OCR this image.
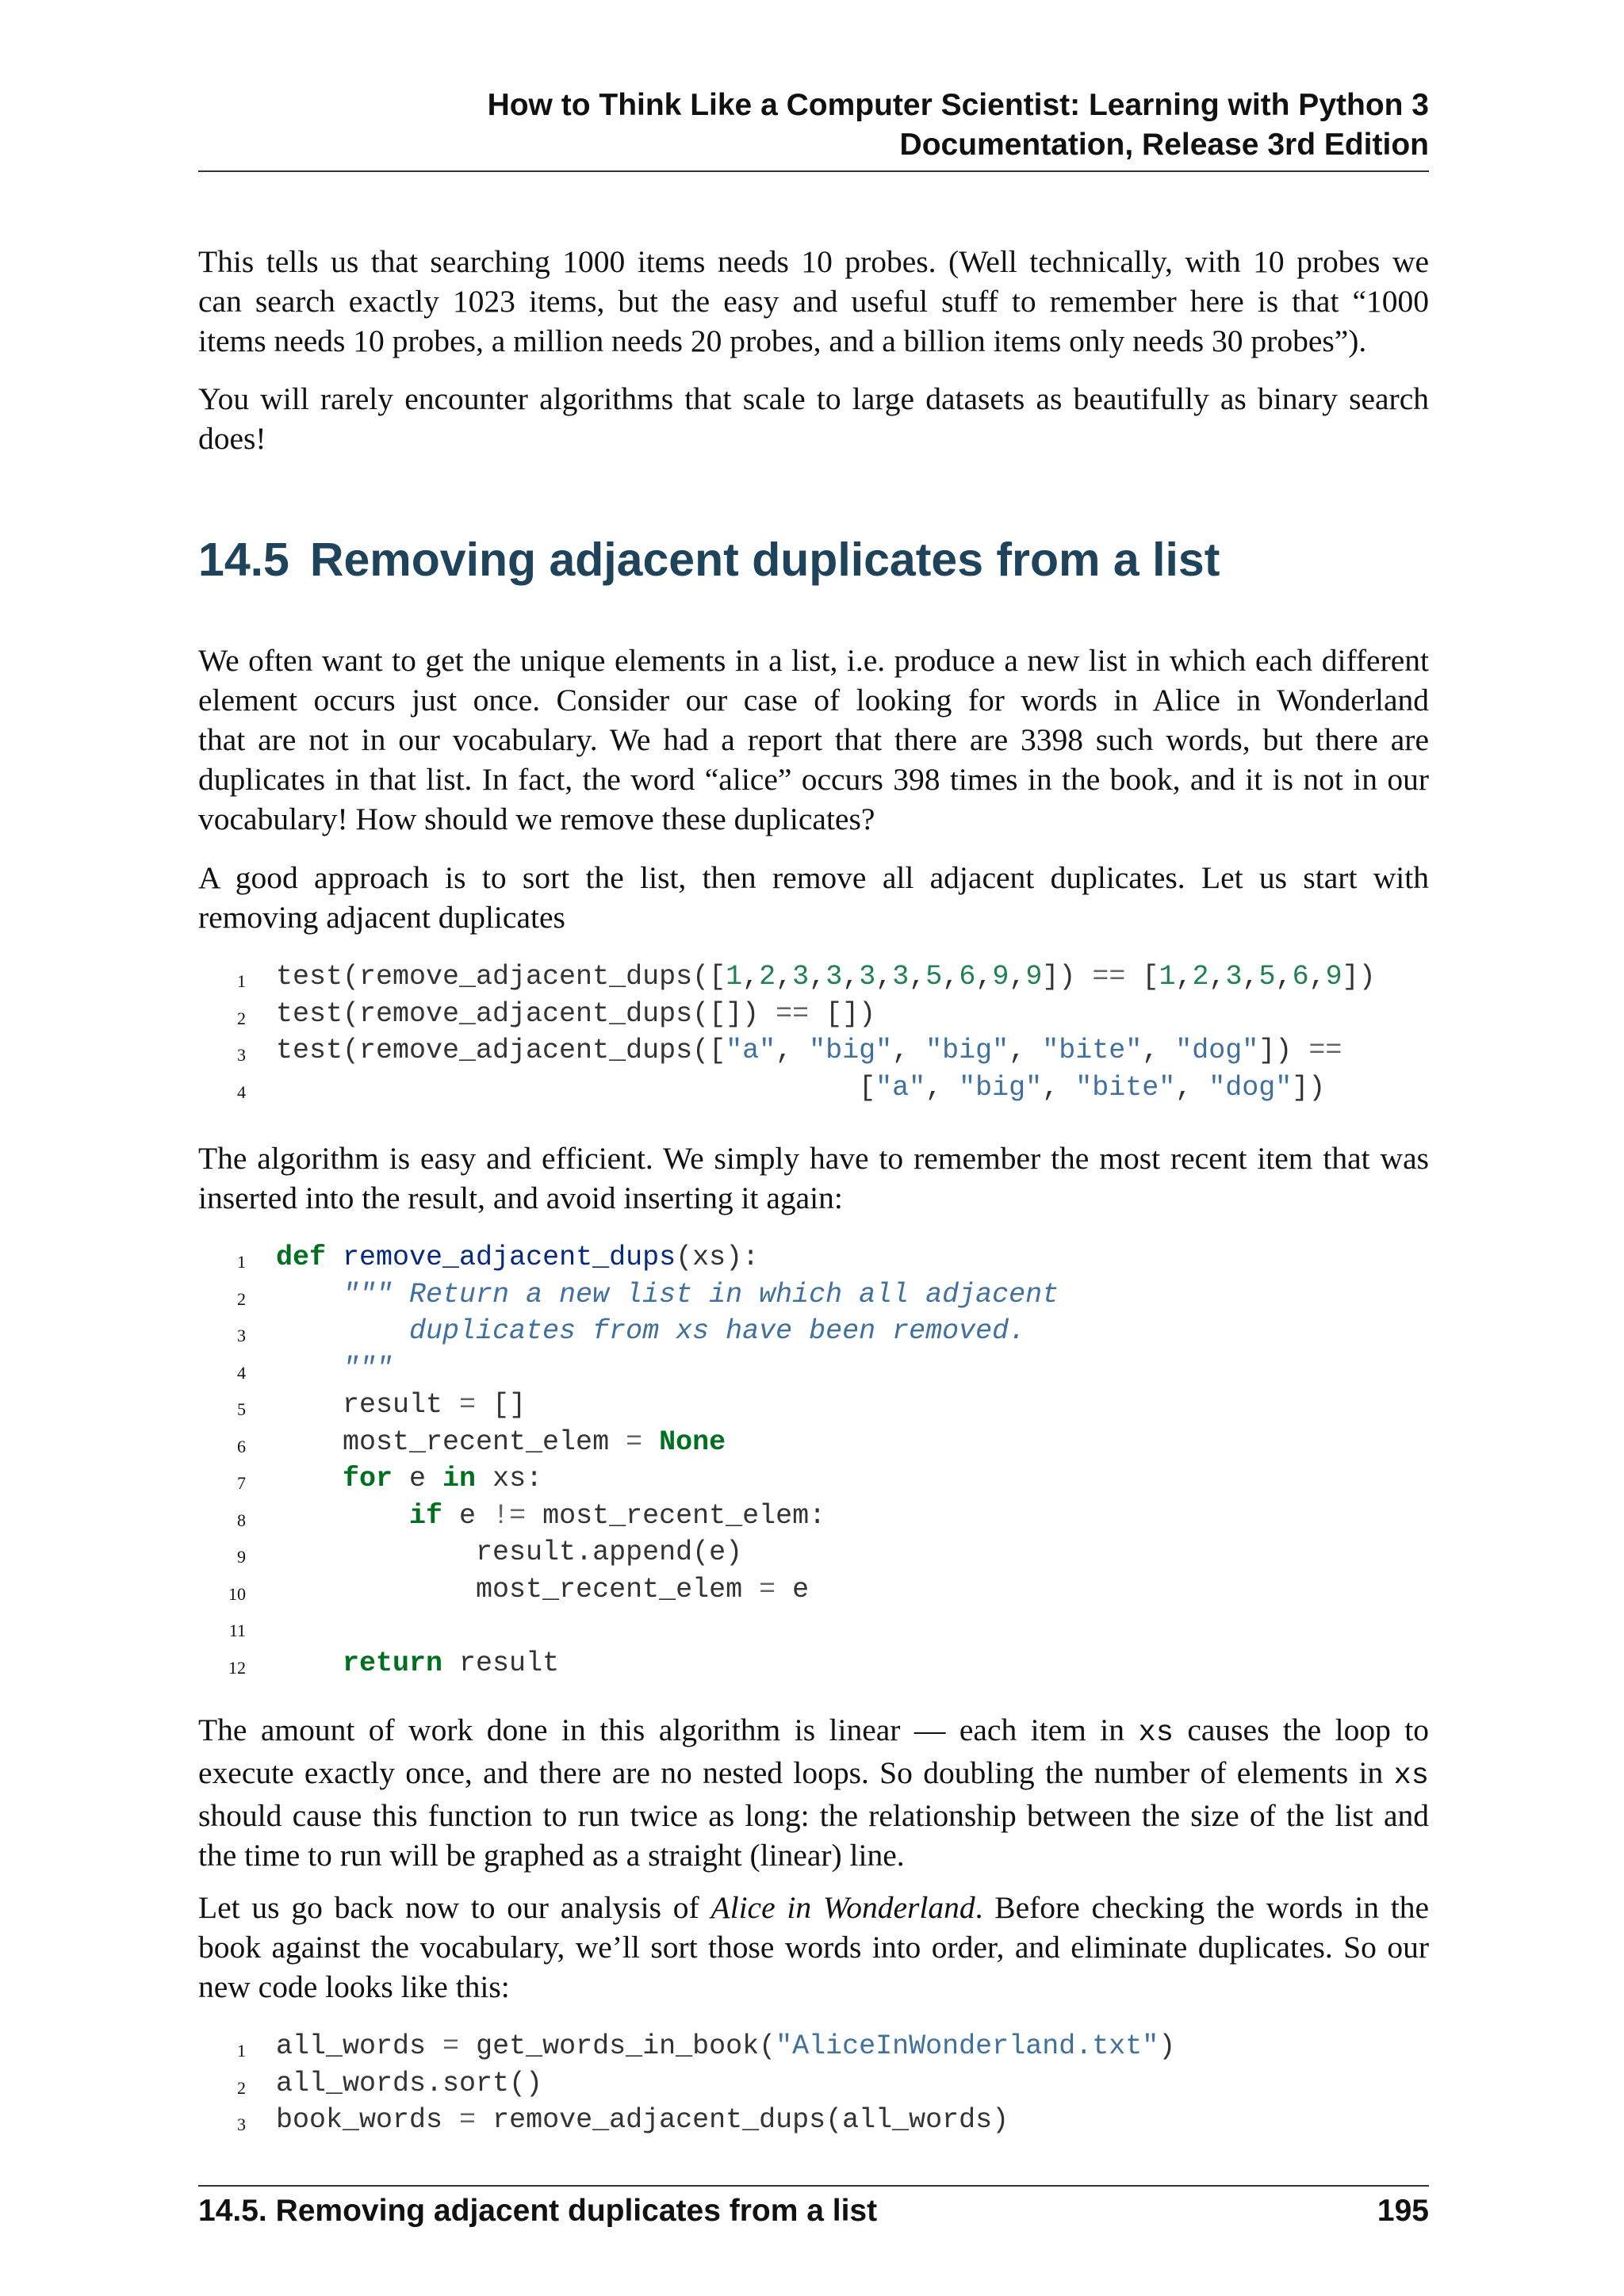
How to Think Like a Computer Scientist: Learning with Python 3
Documentation, Release 3rd Edition

This tells us that searching 1000 items needs 10 probes. (Well technically, with 10 probes we
can search exactly 1023 items, but the easy and useful stuff to remember here is that “1000
items needs 10 probes, a million needs 20 probes, and a billion items only needs 30 probes”).

You will rarely encounter algorithms that scale to large datasets as beautifully as binary search
does!

14.5 Removing adjacent duplicates from a list

We often want to get the unique elements in a list, i.e. produce a new list in which each different
element occurs just once. Consider our case of looking for words in Alice in Wonderland
that are not in our vocabulary. We had a report that there are 3398 such words, but there are
duplicates in that list. In fact, the word “alice” occurs 398 times in the book, and it is not in our
vocabulary! How should we remove these duplicates?

A good approach is to sort the list, then remove all adjacent duplicates. Let us start with
removing adjacent duplicates

1

test(remove_adjacent_dups([1,2,3,3,3,3,5,6,9,9]) == [1,2,3,5,6,9])

2

test(remove_adjacent_dups([]) == [])

3

test(remove_adjacent_dups(["a", "big", "big", "bite", "dog"]) ==

4

["a", "big", "bite", "dog"])

The algorithm is easy and efficient. We simply have to remember the most recent item that was
inserted into the result, and avoid inserting it again:

1

def remove_adjacent_dups(xs):

2

""" Return a new list in which all adjacent

3

duplicates from xs have been removed.

4

"""

5

result = []

6

most_recent_elem = None

7

	for e in xs:

8

	if e != most_recent_elem:

9

result.append(e)

10

most_recent_elem = e

11

12

	return result

The amount of work done in this algorithm is linear — each item in xs causes the loop to
execute exactly once, and there are no nested loops. So doubling the number of elements in xs
should cause this function to run twice as long: the relationship between the size of the list and
the time to run will be graphed as a straight (linear) line.

Let us go back now to our analysis of Alice in Wonderland. Before checking the words in the
book against the vocabulary, we’ll sort those words into order, and eliminate duplicates. So our
new code looks like this:

1

all_words = get_words_in_book("AliceInWonderland.txt")

2

all_words.sort()

3

book_words = remove_adjacent_dups(all_words)

14.5. Removing adjacent duplicates from a list	195
